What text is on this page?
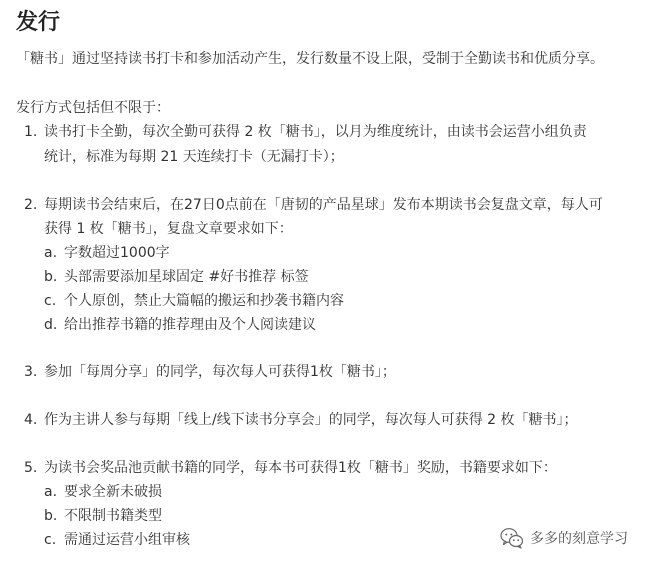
发行

「糖书」通过坚持读书打卡和参加活动产生，发行数量不设上限，受制于全勤读书和优质分享。

发行方式包括但不限于：

1. 读书打卡全勤，每次全勤可获得 2 枚「糖书」，以月为维度统计，由读书会运营小组负责
统计，标准为每期 21 天连续打卡（无漏打卡）；
2. 每期读书会结束后，在27日0点前在「唐韧的产品星球」发布本期读书会复盘文章，每人可
获得 1 枚「糖书」，复盘文章要求如下：
a. 字数超过1000字
b. 头部需要添加星球固定 #好书推荐 标签
c. 个人原创，禁止大篇幅的搬运和抄袭书籍内容
d. 给出推荐书籍的推荐理由及个人阅读建议
3. 参加「每周分享」的同学，每次每人可获得1枚「糖书」；
4. 作为主讲人参与每期「线上/线下读书分享会」的同学，每次每人可获得 2 枚「糖书」；
5. 为读书会奖品池贡献书籍的同学，每本书可获得1枚「糖书」奖励，书籍要求如下：
a. 要求全新未破损
b. 不限制书籍类型
c. 需通过运营小组审核	多多的刻意学习
